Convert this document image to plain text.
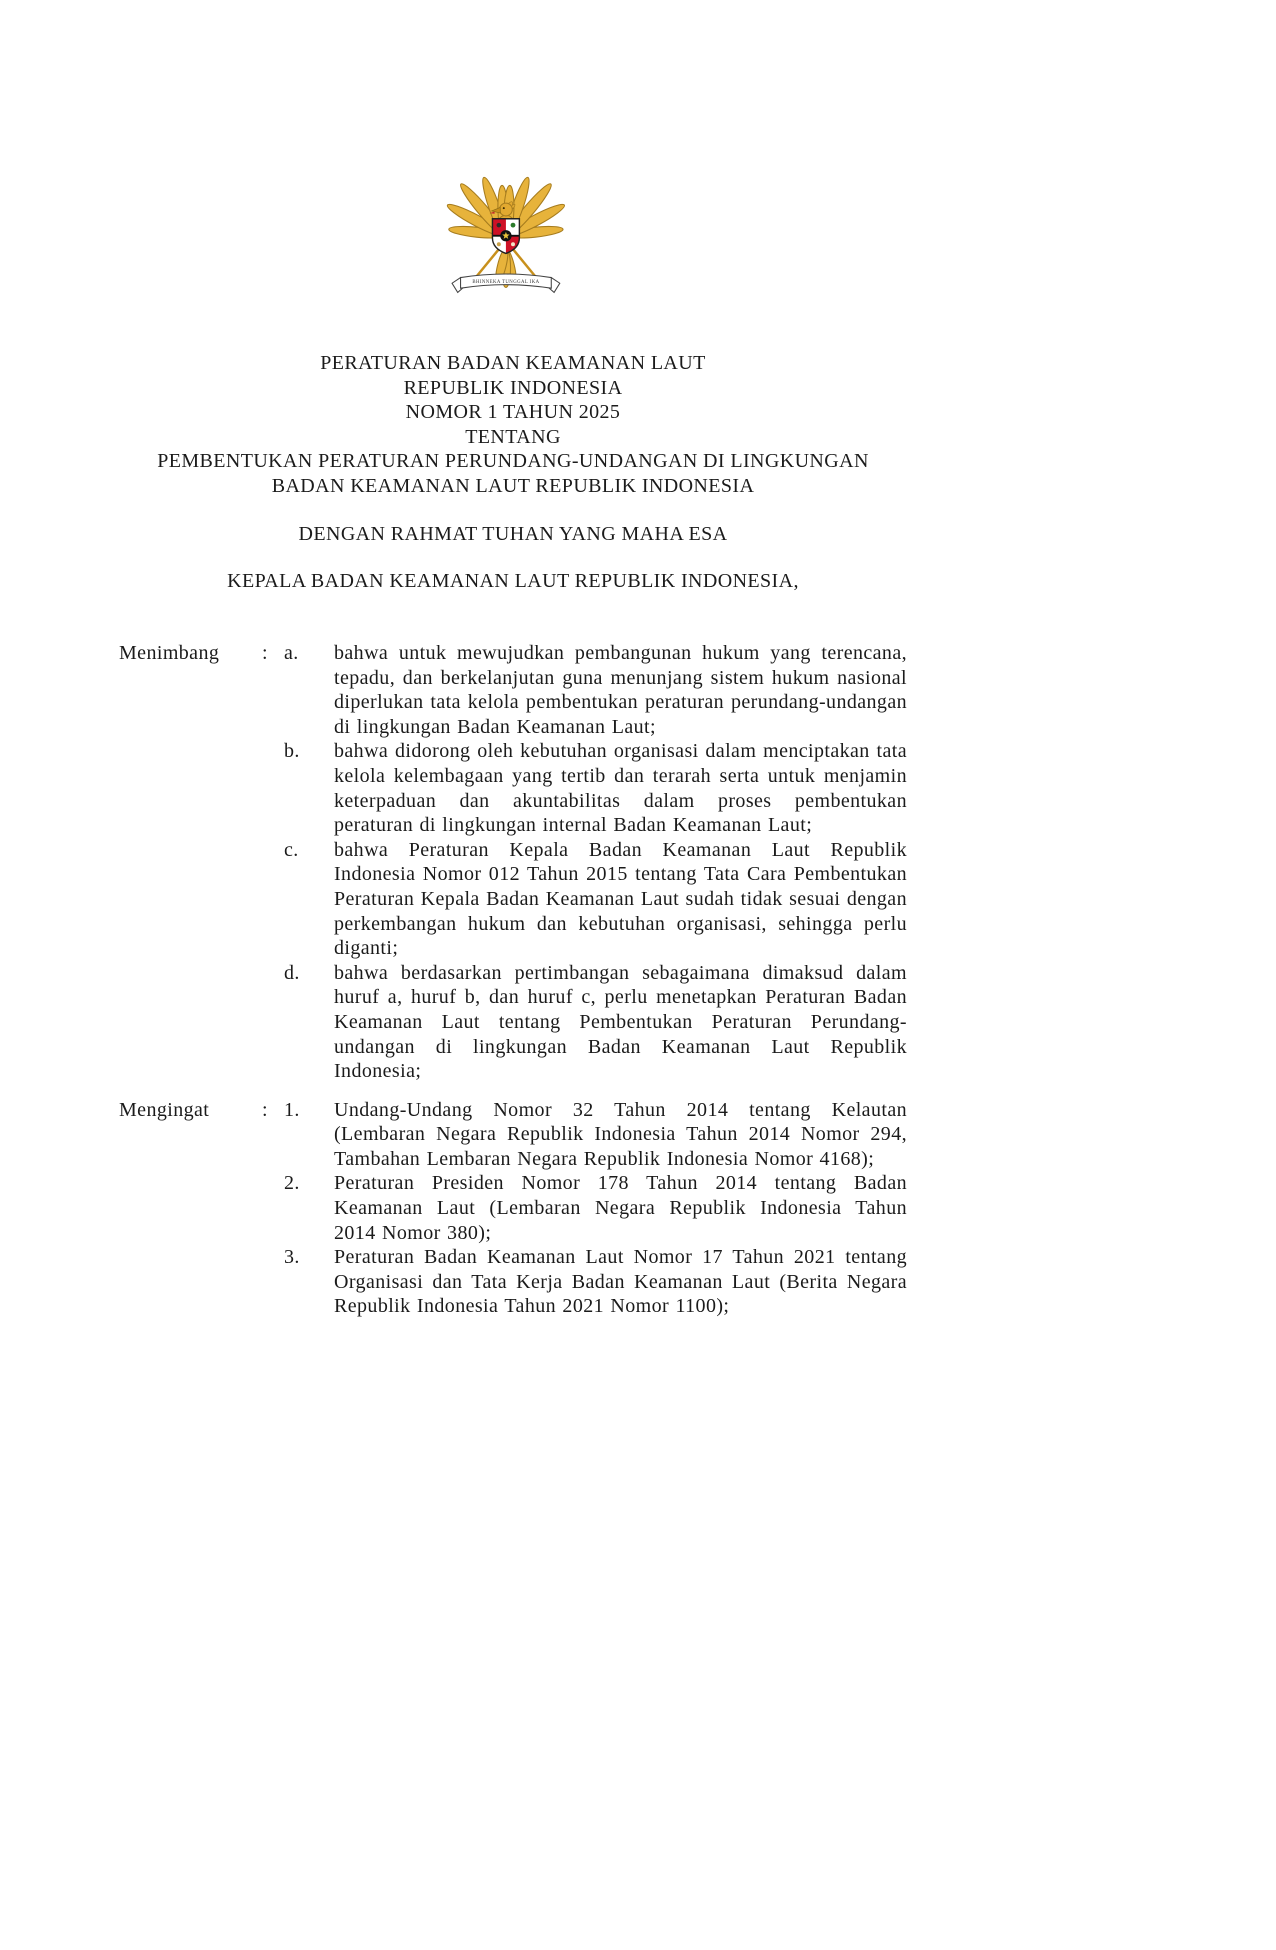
BHINNEKA TUNGGAL IKA
PERATURAN BADAN KEAMANAN LAUT
REPUBLIK INDONESIA
NOMOR 1 TAHUN 2025
TENTANG
PEMBENTUKAN PERATURAN PERUNDANG-UNDANGAN DI LINGKUNGAN
BADAN KEAMANAN LAUT REPUBLIK INDONESIA
DENGAN RAHMAT TUHAN YANG MAHA ESA
KEPALA BADAN KEAMANAN LAUT REPUBLIK INDONESIA,
Menimbang	: a.	bahwa untuk mewujudkan pembangunan hukum yang terencana, tepadu, dan berkelanjutan guna menunjang sistem hukum nasional diperlukan tata kelola pembentukan peraturan perundang-undangan di lingkungan Badan Keamanan Laut;
b.	bahwa didorong oleh kebutuhan organisasi dalam menciptakan tata kelola kelembagaan yang tertib dan terarah serta untuk menjamin keterpaduan dan akuntabilitas dalam proses pembentukan peraturan di lingkungan internal Badan Keamanan Laut;
c.	bahwa Peraturan Kepala Badan Keamanan Laut Republik Indonesia Nomor 012 Tahun 2015 tentang Tata Cara Pembentukan Peraturan Kepala Badan Keamanan Laut sudah tidak sesuai dengan perkembangan hukum dan kebutuhan organisasi, sehingga perlu diganti;
d.	bahwa berdasarkan pertimbangan sebagaimana dimaksud dalam huruf a, huruf b, dan huruf c, perlu menetapkan Peraturan Badan Keamanan Laut tentang Pembentukan Peraturan Perundang-undangan di lingkungan Badan Keamanan Laut Republik Indonesia;
Mengingat	: 1.	Undang-Undang Nomor 32 Tahun 2014 tentang Kelautan (Lembaran Negara Republik Indonesia Tahun 2014 Nomor 294, Tambahan Lembaran Negara Republik Indonesia Nomor 4168);
2.	Peraturan Presiden Nomor 178 Tahun 2014 tentang Badan Keamanan Laut (Lembaran Negara Republik Indonesia Tahun 2014 Nomor 380);
3.	Peraturan Badan Keamanan Laut Nomor 17 Tahun 2021 tentang Organisasi dan Tata Kerja Badan Keamanan Laut (Berita Negara Republik Indonesia Tahun 2021 Nomor 1100);
